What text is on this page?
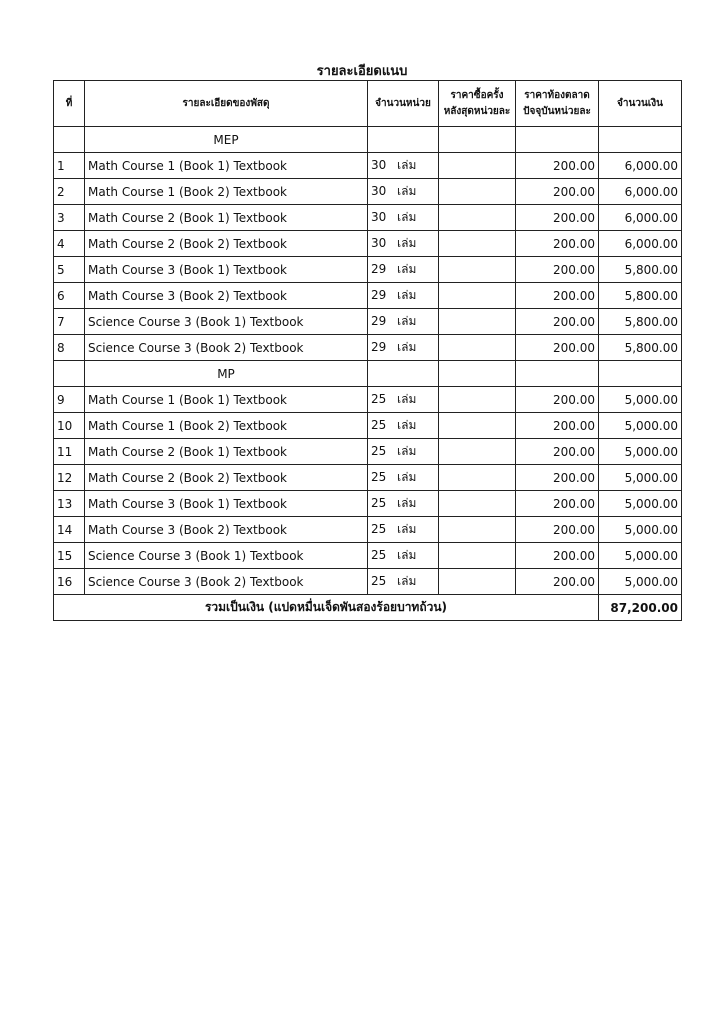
รายละเอียดแนบ
ที่	รายละเอียดของพัสดุ	จำนวนหน่วย	ราคาซื้อครั้งหลังสุดหน่วยละ	ราคาท้องตลาดปัจจุบันหน่วยละ	จำนวนเงิน
	MEP				
1	Math Course 1 (Book 1) Textbook	30 เล่ม		200.00	6,000.00
2	Math Course 1 (Book 2) Textbook	30 เล่ม		200.00	6,000.00
3	Math Course 2 (Book 1) Textbook	30 เล่ม		200.00	6,000.00
4	Math Course 2 (Book 2) Textbook	30 เล่ม		200.00	6,000.00
5	Math Course 3 (Book 1) Textbook	29 เล่ม		200.00	5,800.00
6	Math Course 3 (Book 2) Textbook	29 เล่ม		200.00	5,800.00
7	Science Course 3 (Book 1) Textbook	29 เล่ม		200.00	5,800.00
8	Science Course 3 (Book 2) Textbook	29 เล่ม		200.00	5,800.00
	MP				
9	Math Course 1 (Book 1) Textbook	25 เล่ม		200.00	5,000.00
10	Math Course 1 (Book 2) Textbook	25 เล่ม		200.00	5,000.00
11	Math Course 2 (Book 1) Textbook	25 เล่ม		200.00	5,000.00
12	Math Course 2 (Book 2) Textbook	25 เล่ม		200.00	5,000.00
13	Math Course 3 (Book 1) Textbook	25 เล่ม		200.00	5,000.00
14	Math Course 3 (Book 2) Textbook	25 เล่ม		200.00	5,000.00
15	Science Course 3 (Book 1) Textbook	25 เล่ม		200.00	5,000.00
16	Science Course 3 (Book 2) Textbook	25 เล่ม		200.00	5,000.00
รวมเป็นเงิน (แปดหมื่นเจ็ดพันสองร้อยบาทถ้วน)					87,200.00
